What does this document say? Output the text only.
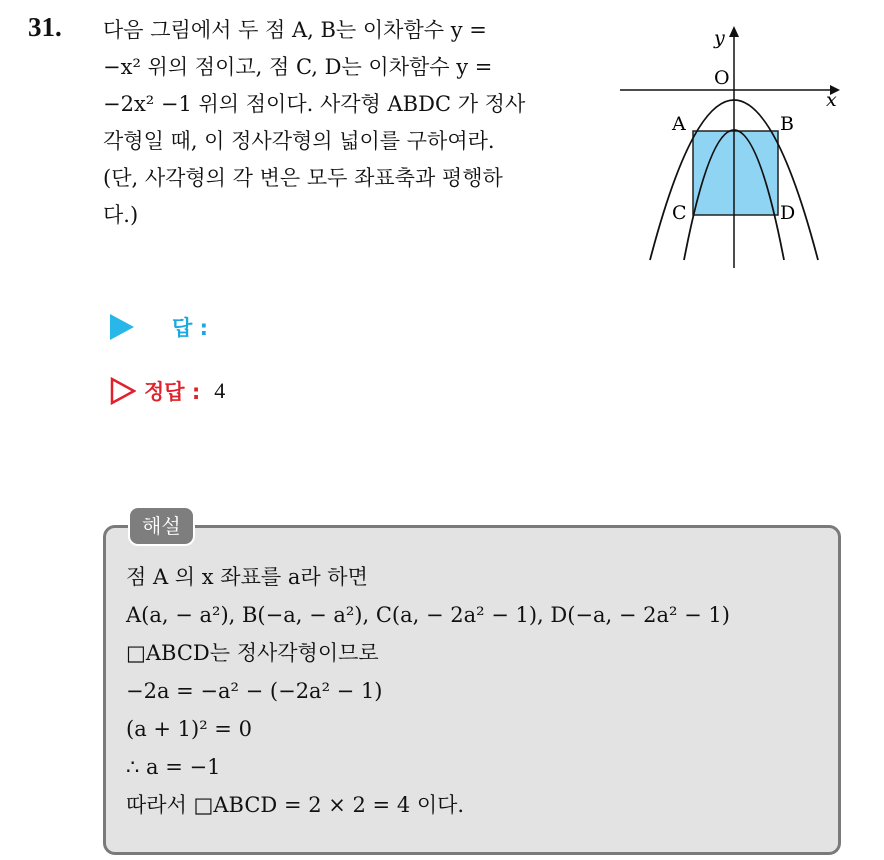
31. 다음 그림에서 두 점 A, B는 이차함수 y =

−x² 위의 점이고, 점 C, D는 이차함수 y =

−2x² −1 위의 점이다. 사각형 ABDC 가 정사

각형일 때, 이 정사각형의 넓이를 구하여라.

(단, 사각형의 각 변은 모두 좌표축과 평행하

다.)

x
y
O
A	B
C	D
답 :
정답 : 4
해설

점 A 의 x 좌표를 a라 하면

A(a, − a²), B(−a, − a²), C(a, − 2a² − 1), D(−a, − 2a² − 1)

□ABCD는 정사각형이므로

−2a = −a² − (−2a² − 1)

(a + 1)² = 0

∴ a = −1

따라서 □ABCD = 2 × 2 = 4 이다.
